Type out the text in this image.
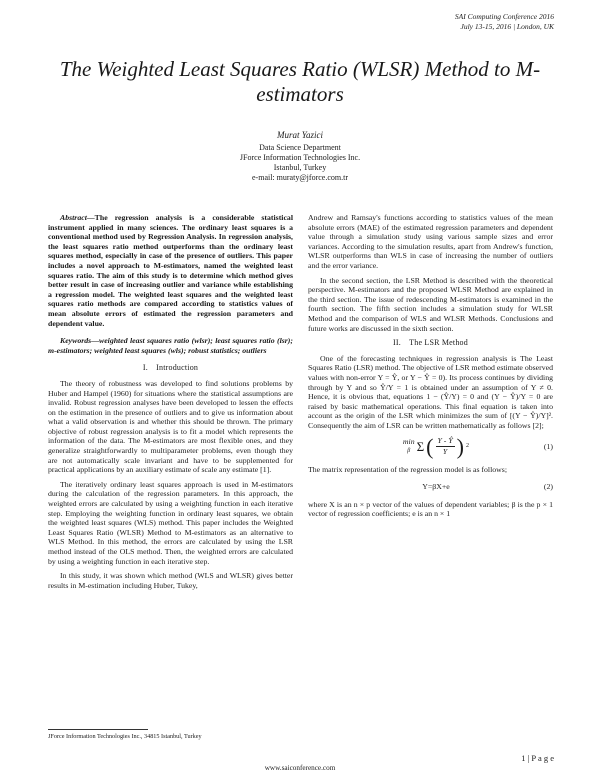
SAI Computing Conference 2016
July 13-15, 2016 | London, UK
The Weighted Least Squares Ratio (WLSR) Method to M-estimators
Murat Yazici
Data Science Department
JForce Information Technologies Inc.
Istanbul, Turkey
e-mail: muraty@jforce.com.tr

Abstract—The regression analysis is a considerable statistical instrument applied in many sciences. The ordinary least squares is a conventional method used by Regression Analysis. In regression analysis, the least squares ratio method outperforms than the ordinary least squares method, especially in case of the presence of outliers. This paper includes a novel approach to M-estimators, named the weighted least squares ratio. The aim of this study is to determine which method gives better result in case of increasing outlier and variance while establishing a regression model. The weighted least squares and the weighted least squares ratio methods are compared according to statistics values of mean absolute errors of estimated the regression parameters and dependent value.

Keywords—weighted least squares ratio (wlsr); least squares ratio (lsr); m-estimators; weighted least squares (wls); robust statistics; outliers

I. Introduction

The theory of robustness was developed to find solutions problems by Huber and Hampel (1960) for situations where the statistical assumptions are invalid. Robust regression analyses have been developed to lessen the effects on the estimation in the presence of outliers and to give us information about what a valid observation is and whether this should be thrown. The primary objective of robust regression analysis is to fit a model which represents the information of the data. The M-estimators are most flexible ones, and they generalize straightforwardly to multiparameter problems, even though they are not automatically scale invariant and have to be supplemented for practical applications by an auxiliary estimate of scale any estimate [1].

The iteratively ordinary least squares approach is used in M-estimators during the calculation of the regression parameters. In this approach, the weighted errors are calculated by using a weighting function in each iterative step. Employing the weighting function in ordinary least squares, we obtain the weighted least squares (WLS) method. This paper includes the Weighted Least Squares Ratio (WLSR) Method to M-estimators as an alternative to WLS Method. In this method, the errors are calculated by using the LSR method instead of the OLS method. Then, the weighted errors are calculated by using a weighting function in each iterative step.

In this study, it was shown which method (WLS and WLSR) gives better results in M-estimation including Huber, Tukey,

Andrew and Ramsay's functions according to statistics values of the mean absolute errors (MAE) of the estimated regression parameters and dependent value through a simulation study using various sample sizes and error variances. According to the simulation results, apart from Andrew's function, WLSR outperforms than WLS in case of increasing the number of outliers and the error variance.

In the second section, the LSR Method is described with the theoretical perspective. M-estimators and the proposed WLSR Method are explained in the third section. The issue of redescending M-estimators is examined in the fourth section. The fifth section includes a simulation study for WLSR Method and the comparison of WLS and WLSR Methods. Conclusions and future works are discussed in the sixth section.

II. The LSR Method

One of the forecasting techniques in regression analysis is The Least Squares Ratio (LSR) method. The objective of LSR method estimate observed values with non-error Y = Ŷ, or Y − Ŷ = 0). Its process continues by dividing through by Y and so Ŷ/Y = 1 is obtained under an assumption of Y ≠ 0. Hence, it is obvious that, equations 1 − (Ŷ/Y) = 0 and (Y − Ŷ)/Y = 0 are raised by basic mathematical operations. This final equation is taken into account as the origin of the LSR which minimizes the sum of [(Y − Ŷ)/Y]². Consequently the aim of LSR can be written mathematically as follows [2];

min
β Σ ( $\frac{Y - Ŷ}{Y}$ ) 2	(1)

The matrix representation of the regression model is as follows;

Y=βX+e	(2)

where X is an n × p vector of the values of dependent variables; β is the p × 1 vector of regression coefficients; e is an n × 1

JForce Information Technologies Inc., 34815 Istanbul, Turkey
1 | P a g e
www.saiconference.com
